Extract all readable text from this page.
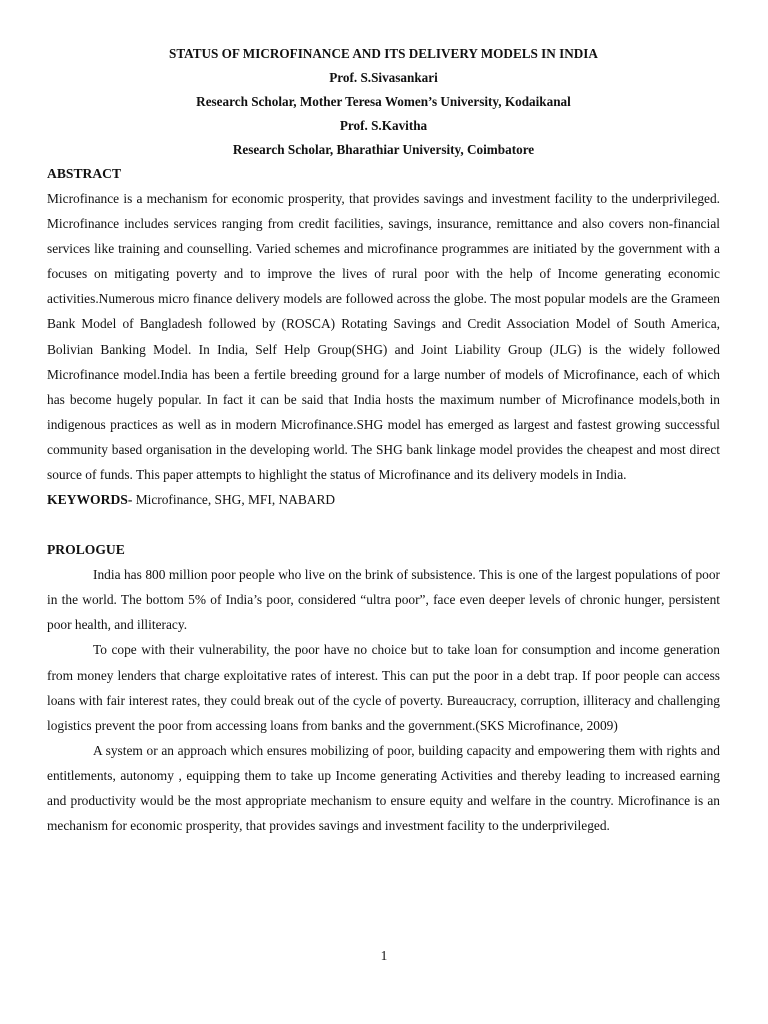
STATUS OF MICROFINANCE AND ITS DELIVERY MODELS IN INDIA
Prof. S.Sivasankari
Research Scholar, Mother Teresa Women’s University, Kodaikanal
Prof. S.Kavitha
Research Scholar, Bharathiar University, Coimbatore
ABSTRACT

Microfinance is a mechanism for economic prosperity, that provides savings and investment facility to the underprivileged. Microfinance includes services ranging from credit facilities, savings, insurance, remittance and also covers non-financial services like training and counselling. Varied schemes and microfinance programmes are initiated by the government with a focuses on mitigating poverty and to improve the lives of rural poor with the help of Income generating economic activities.Numerous micro finance delivery models are followed across the globe. The most popular models are the Grameen Bank Model of Bangladesh followed by (ROSCA) Rotating Savings and Credit Association Model of South America, Bolivian Banking Model. In India, Self Help Group(SHG) and Joint Liability Group (JLG) is the widely followed Microfinance model.India has been a fertile breeding ground for a large number of models of Microfinance, each of which has become hugely popular. In fact it can be said that India hosts the maximum number of Microfinance models,both in indigenous practices as well as in modern Microfinance.SHG model has emerged as largest and fastest growing successful community based organisation in the developing world. The SHG bank linkage model provides the cheapest and most direct source of funds. This paper attempts to highlight the status of Microfinance and its delivery models in India.

KEYWORDS- Microfinance, SHG, MFI, NABARD
PROLOGUE

India has 800 million poor people who live on the brink of subsistence. This is one of the largest populations of poor in the world. The bottom 5% of India’s poor, considered “ultra poor”, face even deeper levels of chronic hunger, persistent poor health, and illiteracy.

To cope with their vulnerability, the poor have no choice but to take loan for consumption and income generation from money lenders that charge exploitative rates of interest. This can put the poor in a debt trap. If poor people can access loans with fair interest rates, they could break out of the cycle of poverty. Bureaucracy, corruption, illiteracy and challenging logistics prevent the poor from accessing loans from banks and the government.(SKS Microfinance, 2009)

A system or an approach which ensures mobilizing of poor, building capacity and empowering them with rights and entitlements, autonomy , equipping them to take up Income generating Activities and thereby leading to increased earning and productivity would be the most appropriate mechanism to ensure equity and welfare in the country. Microfinance is an mechanism for economic prosperity, that provides savings and investment facility to the underprivileged.

1
